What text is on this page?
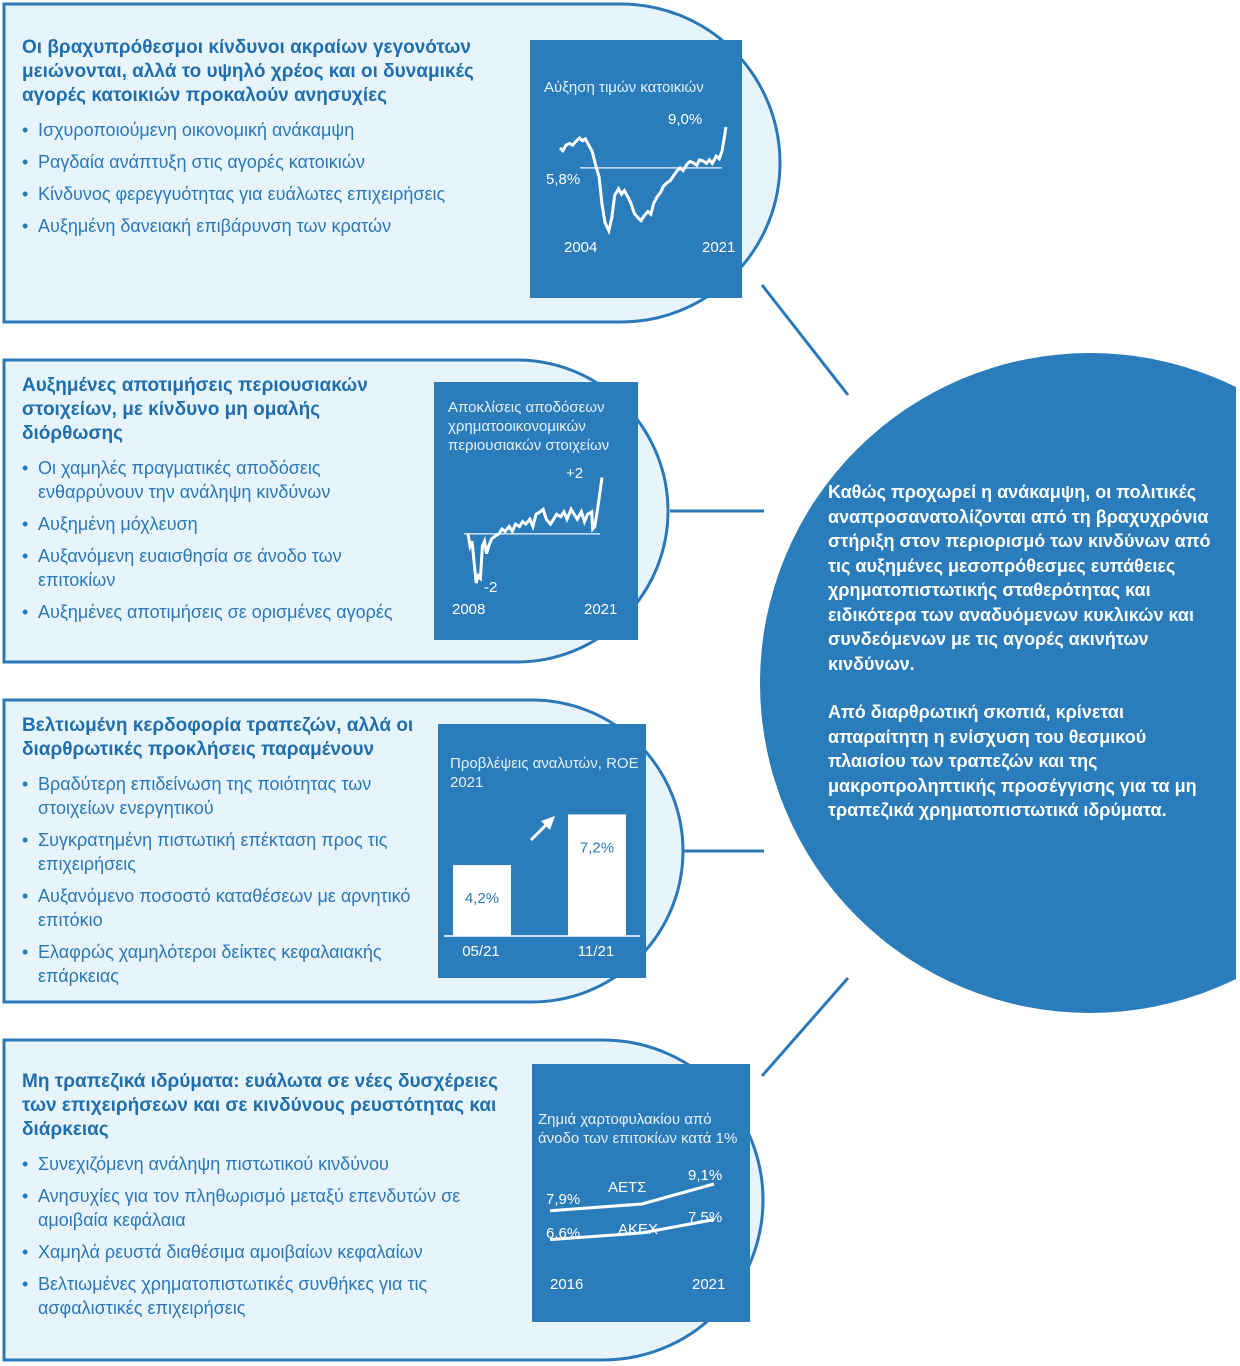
Οι βραχυπρόθεσμοι κίνδυνοι ακραίων γεγονότων μειώνονται, αλλά το υψηλό χρέος και οι δυναμικές αγορές κατοικιών προκαλούν ανησυχίες
• Ισχυροποιούμενη οικονομική ανάκαμψη
• Ραγδαία ανάπτυξη στις αγορές κατοικιών
• Κίνδυνος φερεγγυότητας για ευάλωτες επιχειρήσεις
• Αυξημένη δανειακή επιβάρυνση των κρατών
Αυξημένες αποτιμήσεις περιουσιακών στοιχείων, με κίνδυνο μη ομαλής διόρθωσης
• Οι χαμηλές πραγματικές αποδόσεις ενθαρρύνουν την ανάληψη κινδύνων
• Αυξημένη μόχλευση
• Αυξανόμενη ευαισθησία σε άνοδο των επιτοκίων
• Αυξημένες αποτιμήσεις σε ορισμένες αγορές
Βελτιωμένη κερδοφορία τραπεζών, αλλά οι διαρθρωτικές προκλήσεις παραμένουν
• Βραδύτερη επιδείνωση της ποιότητας των στοιχείων ενεργητικού
• Συγκρατημένη πιστωτική επέκταση προς τις επιχειρήσεις
• Αυξανόμενο ποσοστό καταθέσεων με αρνητικό επιτόκιο
• Ελαφρώς χαμηλότεροι δείκτες κεφαλαιακής επάρκειας
Μη τραπεζικά ιδρύματα: ευάλωτα σε νέες δυσχέρειες των επιχειρήσεων και σε κινδύνους ρευστότητας και διάρκειας
• Συνεχιζόμενη ανάληψη πιστωτικού κινδύνου
• Ανησυχίες για τον πληθωρισμό μεταξύ επενδυτών σε αμοιβαία κεφάλαια
• Χαμηλά ρευστά διαθέσιμα αμοιβαίων κεφαλαίων
• Βελτιωμένες χρηματοπιστωτικές συνθήκες για τις ασφαλιστικές επιχειρήσεις
Αύξηση τιμών κατοικιών
9,0%
5,8%
2004	2021
Αποκλίσεις αποδόσεων χρηματοοικονομικών περιουσιακών στοιχείων
+2
-2
2008	2021
Προβλέψεις αναλυτών, ROE 2021
4,2%
7,2%
05/21	11/21
Ζημιά χαρτοφυλακίου από άνοδο των επιτοκίων κατά 1%
ΑΕΤΣ
ΑΚΕΧ
7,9%
9,1%
6,6%
7,5%
2016	2021

Καθώς προχωρεί η ανάκαμψη, οι πολιτικές αναπροσανατολίζονται από τη βραχυχρόνια στήριξη στον περιορισμό των κινδύνων από τις αυξημένες μεσοπρόθεσμες ευπάθειες χρηματοπιστωτικής σταθερότητας και ειδικότερα των αναδυόμενων κυκλικών και συνδεόμενων με τις αγορές ακινήτων κινδύνων.

Από διαρθρωτική σκοπιά, κρίνεται απαραίτητη η ενίσχυση του θεσμικού πλαισίου των τραπεζών και της μακροπροληπτικής προσέγγισης για τα μη τραπεζικά χρηματοπιστωτικά ιδρύματα.
